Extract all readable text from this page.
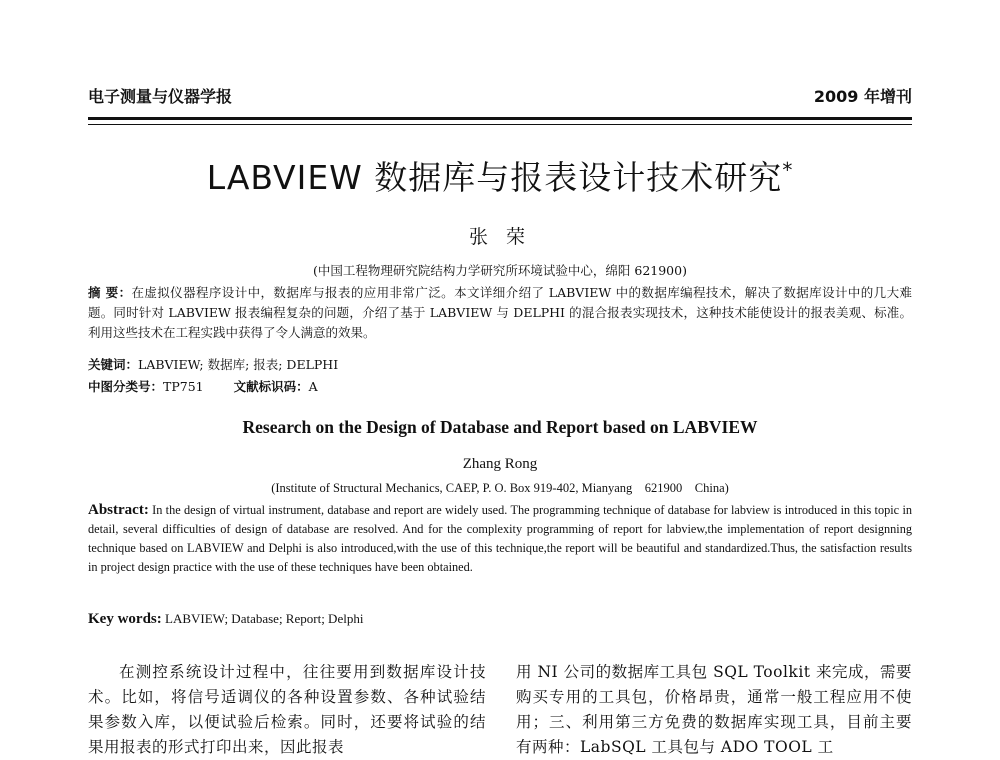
电子测量与仪器学报	2009 年增刊
LABVIEW 数据库与报表设计技术研究*
张 荣
(中国工程物理研究院结构力学研究所环境试验中心，绵阳 621900)
摘 要：在虚拟仪器程序设计中，数据库与报表的应用非常广泛。本文详细介绍了 LABVIEW 中的数据库编程技术，解决了数据库设计中的几大难题。同时针对 LABVIEW 报表编程复杂的问题，介绍了基于 LABVIEW 与 DELPHI 的混合报表实现技术，这种技术能使设计的报表美观、标准。利用这些技术在工程实践中获得了令人满意的效果。
关键词：LABVIEW; 数据库; 报表; DELPHI
中图分类号：TP751 文献标识码：A
Research on the Design of Database and Report based on LABVIEW
Zhang Rong
(Institute of Structural Mechanics, CAEP, P. O. Box 919-402, Mianyang    621900    China)
Abstract: In the design of virtual instrument, database and report are widely used. The programming technique of database for labview is introduced in this topic in detail, several difficulties of design of database are resolved. And for the complexity programming of report for labview,the implementation of report designning technique based on LABVIEW and Delphi is also introduced,with the use of this technique,the report will be beautiful and standardized.Thus, the satisfaction results in project design practice with the use of these techniques have been obtained.
Key words: LABVIEW; Database; Report; Delphi
在测控系统设计过程中，往往要用到数据库设计技术。比如，将信号适调仪的各种设置参数、各种试验结果参数入库，以便试验后检索。同时，还要将试验的结果用报表的形式打印出来，因此报表
用 NI 公司的数据库工具包 SQL Toolkit 来完成，需要购买专用的工具包，价格昂贵，通常一般工程应用不使用；三、利用第三方免费的数据库实现工具，目前主要有两种：LabSQL 工具包与 ADO TOOL 工
